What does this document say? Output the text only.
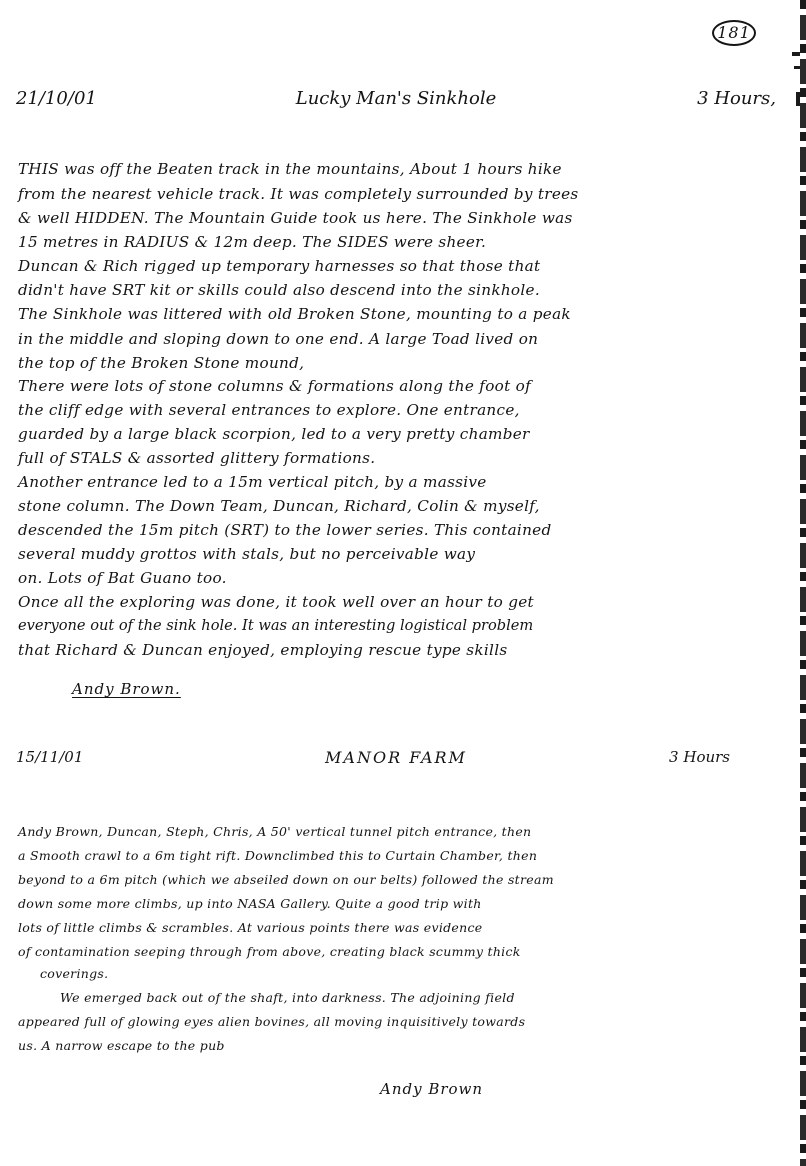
181
21/10/01	Lucky Man's Sinkhole	3 Hours,
THIS was off the Beaten track in the mountains, About 1 hours hike
from the nearest vehicle track. It was completely surrounded by trees
& well HIDDEN. The Mountain Guide took us here. The Sinkhole was
15 metres in RADIUS & 12m deep. The SIDES were sheer.
Duncan & Rich rigged up temporary harnesses so that those that
didn't have SRT kit or skills could also descend into the sinkhole.
The Sinkhole was littered with old Broken Stone, mounting to a peak
in the middle and sloping down to one end. A large Toad lived on
the top of the Broken Stone mound,
There were lots of stone columns & formations along the foot of
the cliff edge with several entrances to explore. One entrance,
guarded by a large black scorpion, led to a very pretty chamber
full of STALS & assorted glittery formations.
Another entrance led to a 15m vertical pitch, by a massive
stone column. The Down Team, Duncan, Richard, Colin & myself,
descended the 15m pitch (SRT) to the lower series. This contained
several muddy grottos with stals, but no perceivable way
on. Lots of Bat Guano too.
Once all the exploring was done, it took well over an hour to get
everyone out of the sink hole. It was an interesting logistical problem
that Richard & Duncan enjoyed, employing rescue type skills
Andy Brown.
15/11/01	MANOR FARM	3 Hours
Andy Brown, Duncan, Steph, Chris, A 50' vertical tunnel pitch entrance, then
a Smooth crawl to a 6m tight rift. Downclimbed this to Curtain Chamber, then
beyond to a 6m pitch (which we abseiled down on our belts) followed the stream
down some more climbs, up into NASA Gallery. Quite a good trip with
lots of little climbs & scrambles. At various points there was evidence
of contamination seeping through from above, creating black scummy thick
coverings.
We emerged back out of the shaft, into darkness. The adjoining field
appeared full of glowing eyes alien bovines, all moving inquisitively towards
us. A narrow escape to the pub
Andy Brown
